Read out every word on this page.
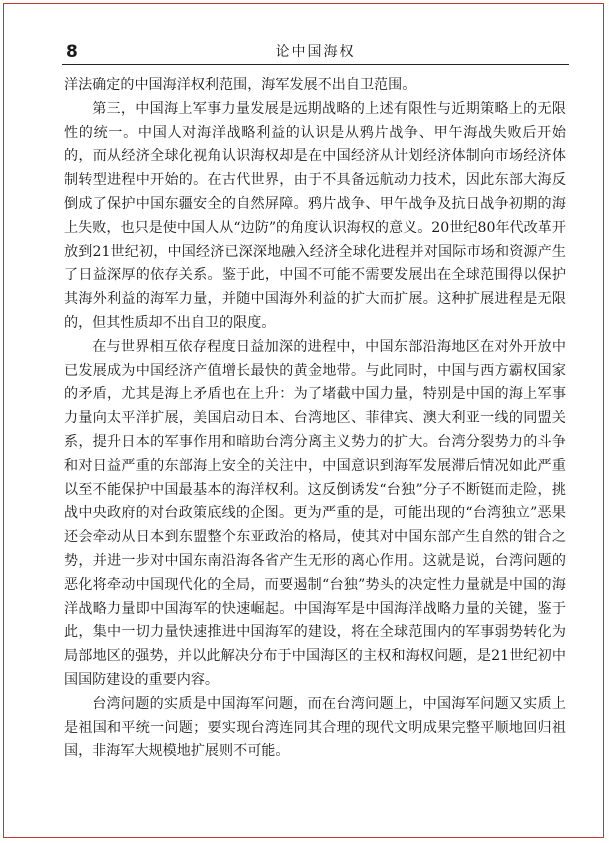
8	论中国海权

洋法确定的中国海洋权利范围，海军发展不出自卫范围。

第三，中国海上军事力量发展是远期战略的上述有限性与近期策略上的无限性的统一。中国人对海洋战略利益的认识是从鸦片战争、甲午海战失败后开始的，而从经济全球化视角认识海权却是在中国经济从计划经济体制向市场经济体制转型进程中开始的。在古代世界，由于不具备远航动力技术，因此东部大海反倒成了保护中国东疆安全的自然屏障。鸦片战争、甲午战争及抗日战争初期的海上失败，也只是使中国人从“边防”的角度认识海权的意义。20世纪80年代改革开放到21世纪初，中国经济已深深地融入经济全球化进程并对国际市场和资源产生了日益深厚的依存关系。鉴于此，中国不可能不需要发展出在全球范围得以保护其海外利益的海军力量，并随中国海外利益的扩大而扩展。这种扩展进程是无限的，但其性质却不出自卫的限度。

在与世界相互依存程度日益加深的进程中，中国东部沿海地区在对外开放中已发展成为中国经济产值增长最快的黄金地带。与此同时，中国与西方霸权国家的矛盾，尤其是海上矛盾也在上升：为了堵截中国力量，特别是中国的海上军事力量向太平洋扩展，美国启动日本、台湾地区、菲律宾、澳大利亚一线的同盟关系，提升日本的军事作用和暗助台湾分离主义势力的扩大。台湾分裂势力的斗争和对日益严重的东部海上安全的关注中，中国意识到海军发展滞后情况如此严重以至不能保护中国最基本的海洋权利。这反倒诱发“台独”分子不断铤而走险，挑战中央政府的对台政策底线的企图。更为严重的是，可能出现的“台湾独立”恶果还会牵动从日本到东盟整个东亚政治的格局，使其对中国东部产生自然的钳合之势，并进一步对中国东南沿海各省产生无形的离心作用。这就是说，台湾问题的恶化将牵动中国现代化的全局，而要遏制“台独”势头的决定性力量就是中国的海洋战略力量即中国海军的快速崛起。中国海军是中国海洋战略力量的关键，鉴于此，集中一切力量快速推进中国海军的建设，将在全球范围内的军事弱势转化为局部地区的强势，并以此解决分布于中国海区的主权和海权问题，是21世纪初中国国防建设的重要内容。

台湾问题的实质是中国海军问题，而在台湾问题上，中国海军问题又实质上是祖国和平统一问题；要实现台湾连同其合理的现代文明成果完整平顺地回归祖国，非海军大规模地扩展则不可能。
